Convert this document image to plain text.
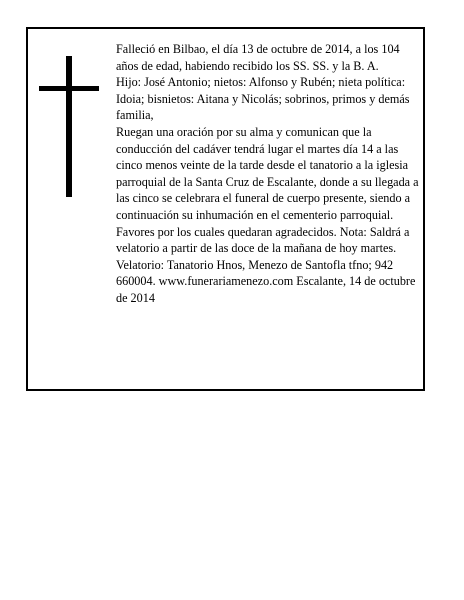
Falleció en Bilbao, el día 13 de octubre de 2014, a los 104 años de edad, habiendo recibido los SS. SS. y la B. A.

Hijo: José Antonio; nietos: Alfonso y Rubén; nieta política: Idoia; bisnietos: Aitana y Nicolás; sobrinos, primos y demás familia,

Ruegan una oración por su alma y comunican que la conducción del cadáver tendrá lugar el martes día 14 a las cinco menos veinte de la tarde desde el tanatorio a la iglesia parroquial de la Santa Cruz de Escalante, donde a su llegada a las cinco se celebrara el funeral de cuerpo presente, siendo a continuación su inhumación en el cementerio parroquial. Favores por los cuales quedaran agradecidos. Nota: Saldrá a velatorio a partir de las doce de la mañana de hoy martes. Velatorio: Tanatorio Hnos, Menezo de Santofla tfno; 942 660004. www.funerariamenezo.com Escalante, 14 de octubre de 2014
